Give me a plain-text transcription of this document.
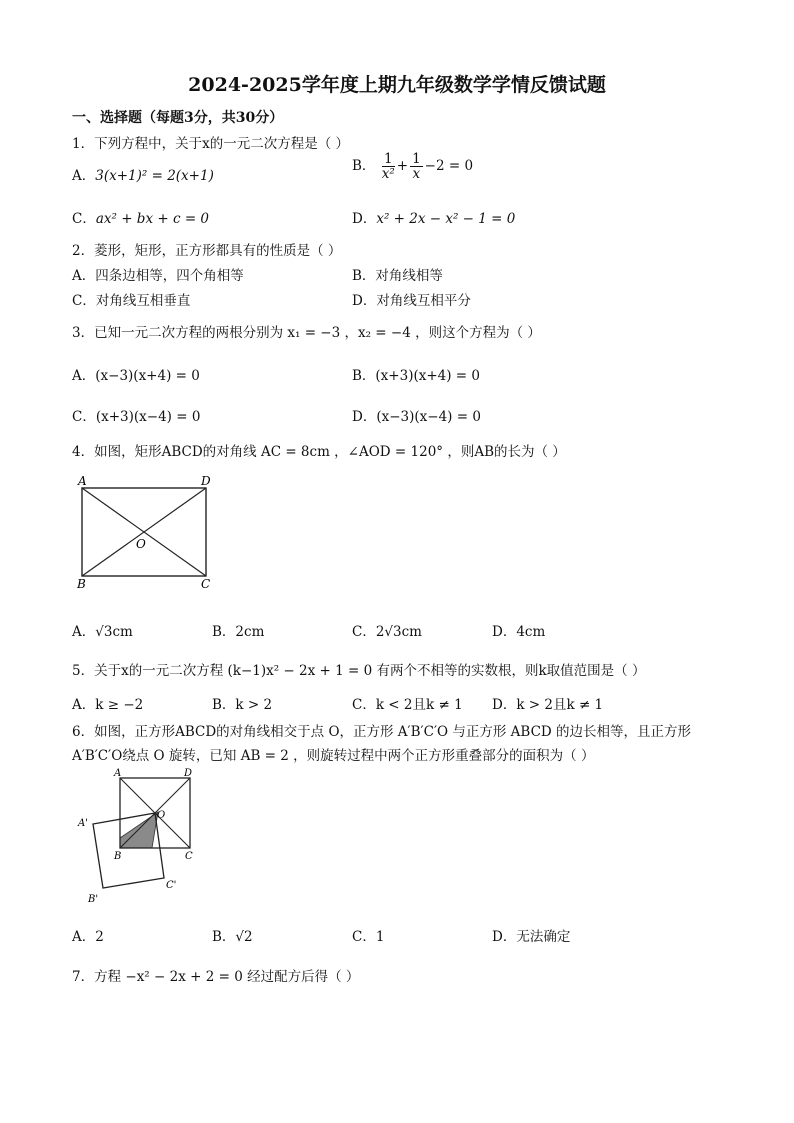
2024-2025学年度上期九年级数学学情反馈试题
一、选择题（每题3分，共30分）
1．下列方程中，关于x的一元二次方程是（ ）
A．3(x+1)² = 2(x+1)
B． $\frac{1}{\text{x²}} + \frac{1}{x} -2 = 0$
C．ax² + bx + c = 0	D．x² + 2x − x² − 1 = 0
2．菱形，矩形，正方形都具有的性质是（ ）
A．四条边相等，四个角相等	B．对角线相等
C．对角线互相垂直	D．对角线互相平分
3．已知一元二次方程的两根分别为 x₁ = −3 ，x₂ = −4 ，则这个方程为（ ）
A．(x−3)(x+4) = 0	B．(x+3)(x+4) = 0
C．(x+3)(x−4) = 0	D．(x−3)(x−4) = 0
4．如图，矩形ABCD的对角线 AC = 8cm ，∠AOD = 120° ，则AB的长为（ ）
A	D
O
B	C
A．√3cm	B．2cm	C．2√3cm	D．4cm
5．关于x的一元二次方程 (k−1)x² − 2x + 1 = 0 有两个不相等的实数根，则k取值范围是（ ）
A．k ≥ −2	B．k > 2	C．k < 2且k ≠ 1 D．k > 2且k ≠ 1
6．如图，正方形ABCD的对角线相交于点 O，正方形 A′B′C′O 与正方形 ABCD 的边长相等，且正方形
A′B′C′O绕点 O 旋转，已知 AB = 2 ，则旋转过程中两个正方形重叠部分的面积为（ ）
A	D
O
B	C
A'
B'
C'
A．2	B．√2	C．1	D．无法确定
7．方程 −x² − 2x + 2 = 0 经过配方后得（ ）
